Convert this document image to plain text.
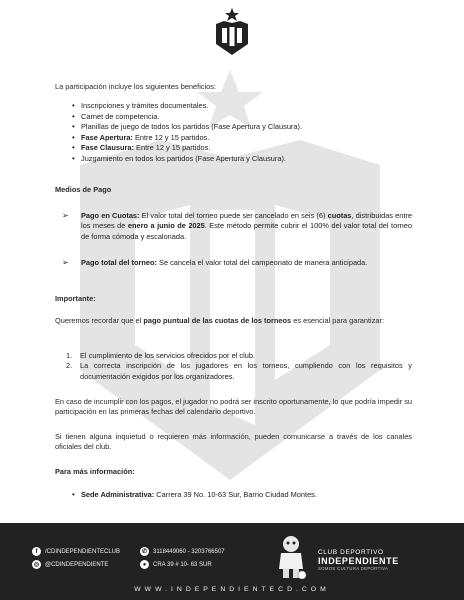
La participación incluye los siguientes beneficios:
• Inscripciones y trámites documentales.
• Carnet de competencia.
• Planillas de juego de todos los partidos (Fase Apertura y Clausura).
• Fase Apertura: Entre 12 y 15 partidos.
• Fase Clausura: Entre 12 y 15 partidos.
• Juzgamiento en todos los partidos (Fase Apertura y Clausura).
Medios de Pago
➢ Pago en Cuotas: El valor total del torneo puede ser cancelado en seis (6) cuotas, distribuidas entre los meses de enero a junio de 2025. Este método permite cubrir el 100% del valor total del torneo de forma cómoda y escalonada.
➢ Pago total del torneo: Se cancela el valor total del campeonato de manera anticipada.
Importante:
Queremos recordar que el pago puntual de las cuotas de los torneos es esencial para garantizar:
1. El cumplimiento de los servicios ofrecidos por el club.
2. La correcta inscripción de los jugadores en los torneos, cumpliendo con los requisitos y documentación exigidos por los organizadores.
En caso de incumplir con los pagos, el jugador no podrá ser inscrito oportunamente, lo que podría impedir su participación en las primeras fechas del calendario deportivo.
Si tienen alguna inquietud o requieren más información, pueden comunicarse a través de los canales oficiales del club.
Para más información:
• Sede Administrativa: Carrera 39 No. 10-63 Sur, Barrio Ciudad Montes.
f	/CDINDEPENDIENTECLUB
◎ @CDINDEPENDIENTE
✆ 3118449060 - 3203766507
●	CRA 39 # 10- 63 SUR
CLUB DEPORTIVO
INDEPENDIENTE
SOMOS CULTURA DEPORTIVA
WWW.INDEPENDIENTECD.COM
